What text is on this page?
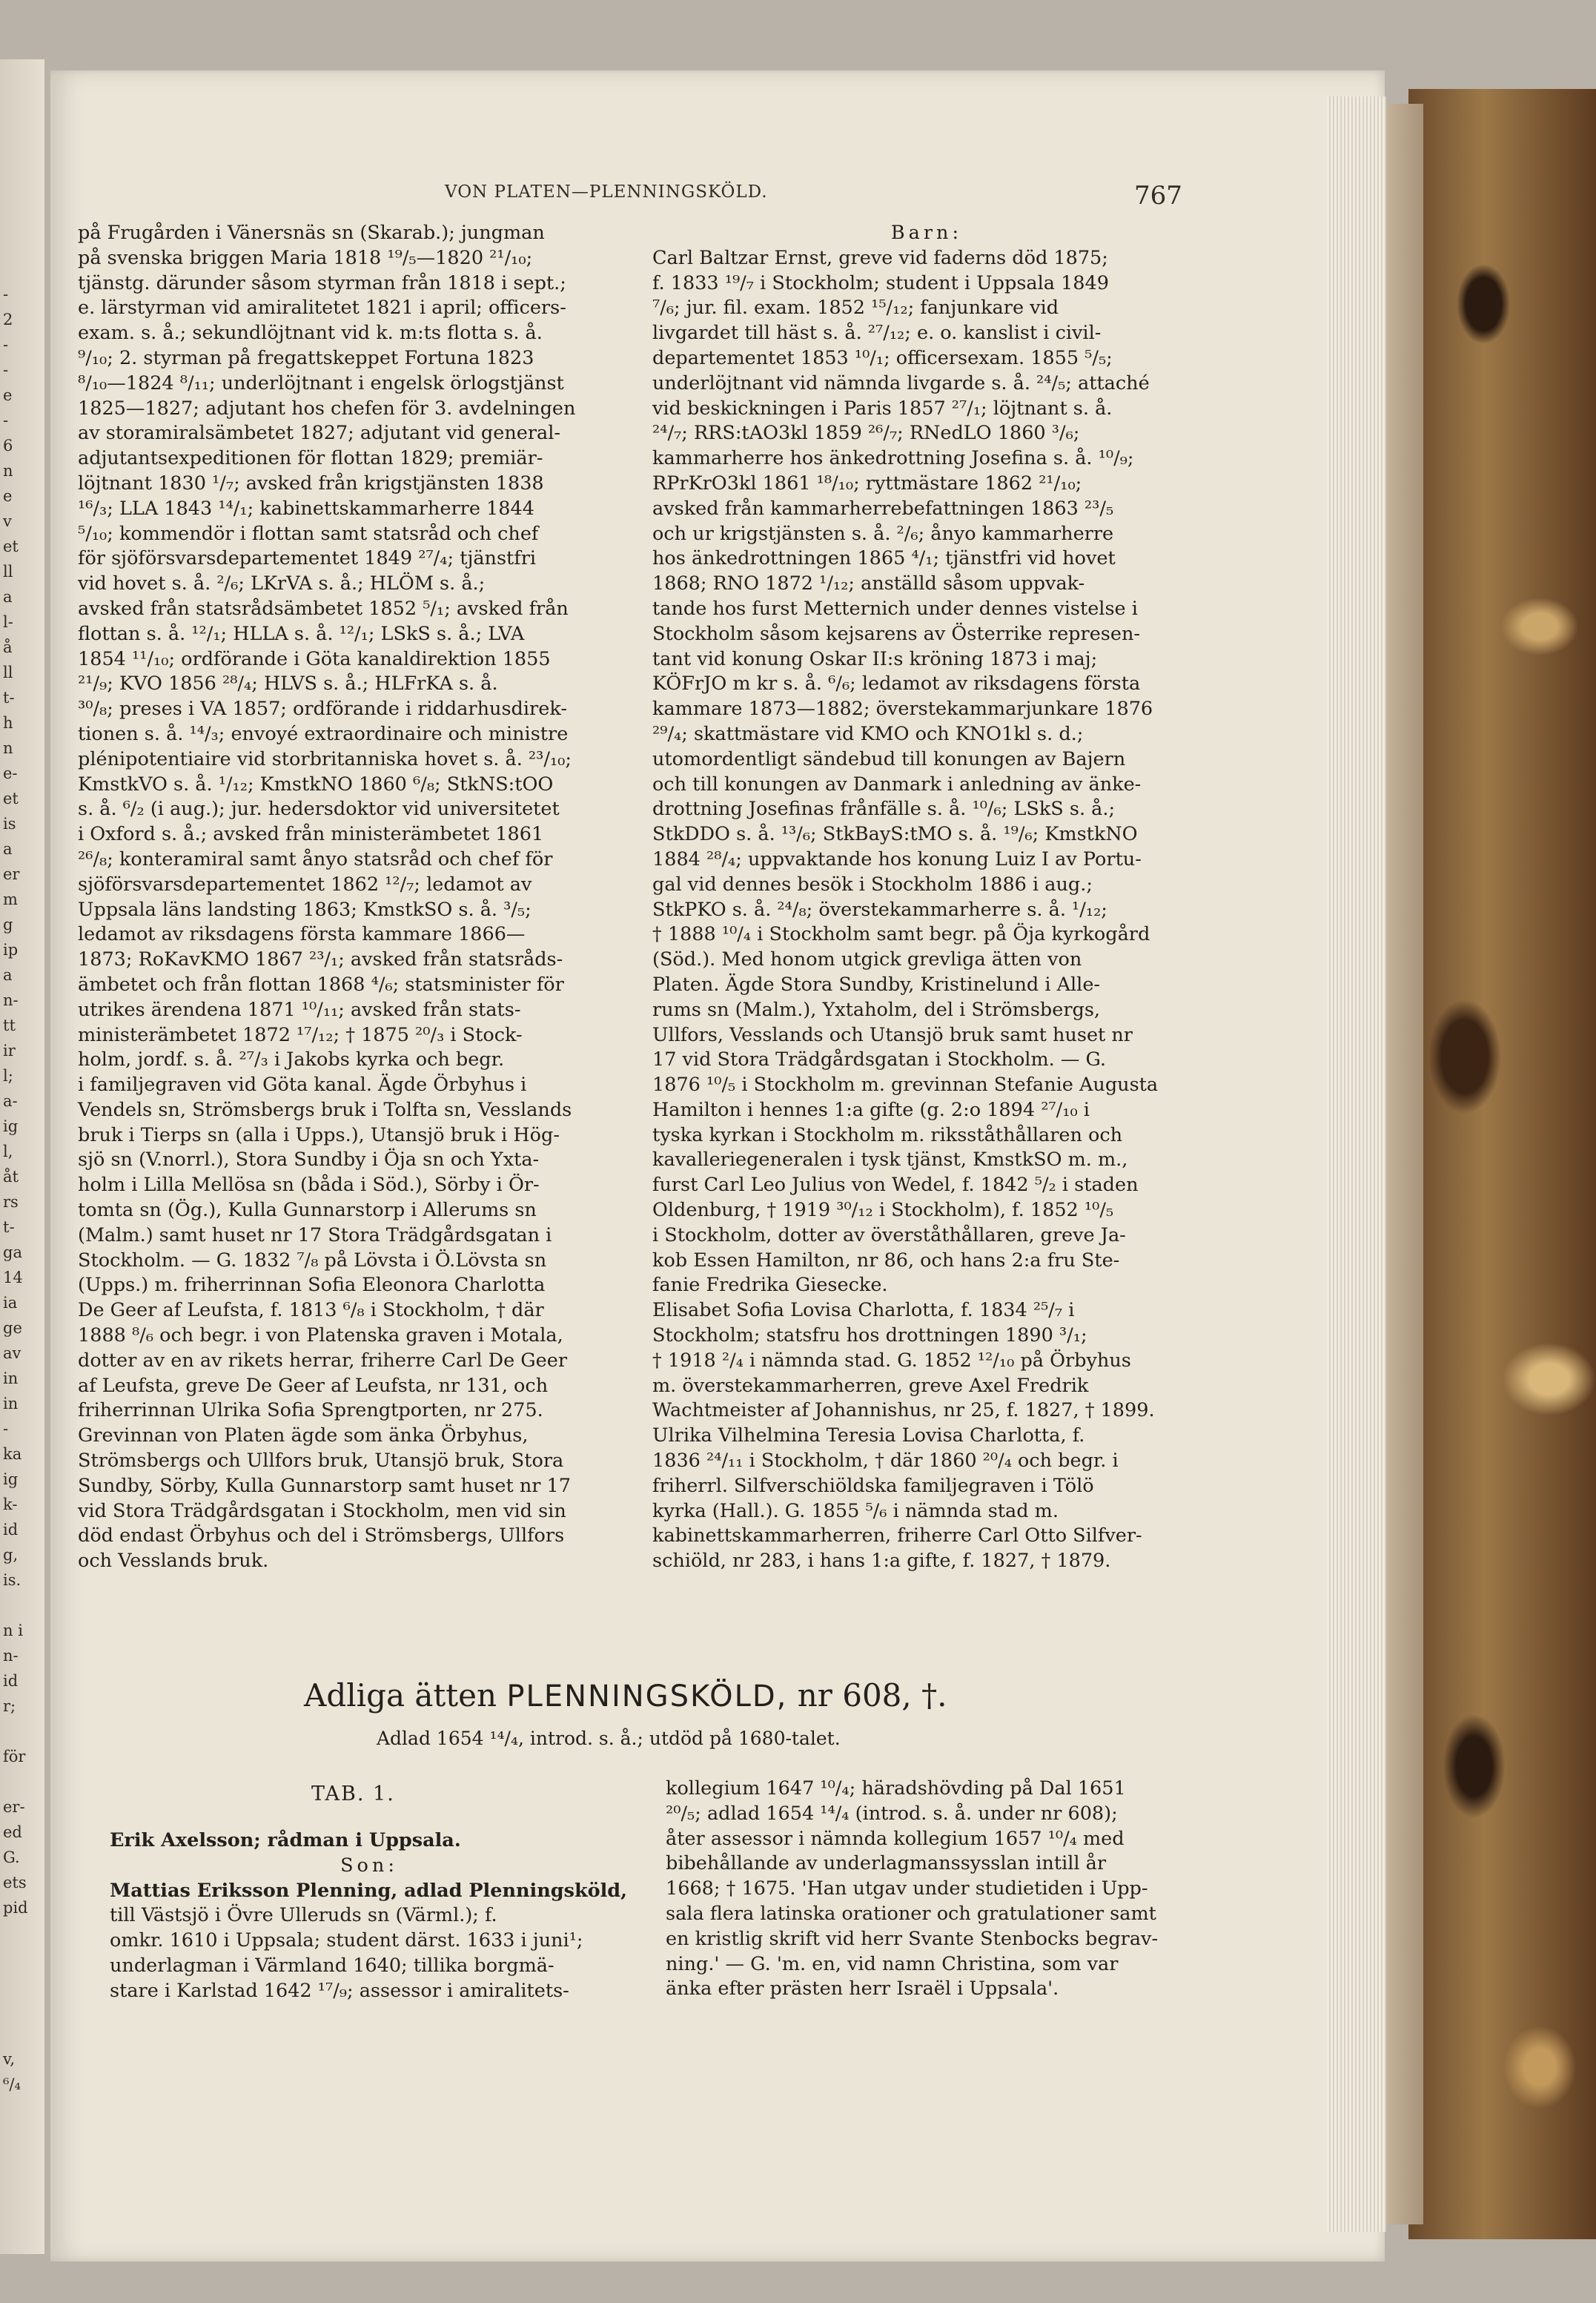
-
2
-
-
e
-
6
n
e
v
et
ll
a
l-
å
ll
t-
h
n
e-
et
is
a
er
m
g
ip
a
n-
tt
ir
l;
a-
ig
l,
åt
rs
t-
ga
14
ia
ge
av
in
in
-
ka
ig
k-
id
g,
is.
n i
n-
id
r;
för
er-
ed
G.
ets
pid
v,
⁶/₄
VON PLATEN—PLENNINGSKÖLD.	767
på Frugården i Vänersnäs sn (Skarab.); jungman
på svenska briggen Maria 1818 ¹⁹/₅—1820 ²¹/₁₀;
tjänstg. därunder såsom styrman från 1818 i sept.;
e. lärstyrman vid amiralitetet 1821 i april; officers-
exam. s. å.; sekundlöjtnant vid k. m:ts flotta s. å.
⁹/₁₀; 2. styrman på fregattskeppet Fortuna 1823
⁸/₁₀—1824 ⁸/₁₁; underlöjtnant i engelsk örlogstjänst
1825—1827; adjutant hos chefen för 3. avdelningen
av storamiralsämbetet 1827; adjutant vid general-
adjutantsexpeditionen för flottan 1829; premiär-
löjtnant 1830 ¹/₇; avsked från krigstjänsten 1838
¹⁶/₃; LLA 1843 ¹⁴/₁; kabinettskammarherre 1844
⁵/₁₀; kommendör i flottan samt statsråd och chef
för sjöförsvarsdepartementet 1849 ²⁷/₄; tjänstfri
vid hovet s. å. ²/₆; LKrVA s. å.; HLÖM s. å.;
avsked från statsrådsämbetet 1852 ⁵/₁; avsked från
flottan s. å. ¹²/₁; HLLA s. å. ¹²/₁; LSkS s. å.; LVA
1854 ¹¹/₁₀; ordförande i Göta kanaldirektion 1855
²¹/₉; KVO 1856 ²⁸/₄; HLVS s. å.; HLFrKA s. å.
³⁰/₈; preses i VA 1857; ordförande i riddarhusdirek-
tionen s. å. ¹⁴/₃; envoyé extraordinaire och ministre
plénipotentiaire vid storbritanniska hovet s. å. ²³/₁₀;
KmstkVO s. å. ¹/₁₂; KmstkNO 1860 ⁶/₈; StkNS:tOO
s. å. ⁶/₂ (i aug.); jur. hedersdoktor vid universitetet
i Oxford s. å.; avsked från ministerämbetet 1861
²⁶/₈; konteramiral samt ånyo statsråd och chef för
sjöförsvarsdepartementet 1862 ¹²/₇; ledamot av
Uppsala läns landsting 1863; KmstkSO s. å. ³/₅;
ledamot av riksdagens första kammare 1866—
1873; RoKavKMO 1867 ²³/₁; avsked från statsråds-
ämbetet och från flottan 1868 ⁴/₆; statsminister för
utrikes ärendena 1871 ¹⁰/₁₁; avsked från stats-
ministerämbetet 1872 ¹⁷/₁₂; † 1875 ²⁰/₃ i Stock-
holm, jordf. s. å. ²⁷/₃ i Jakobs kyrka och begr.
i familjegraven vid Göta kanal. Ägde Örbyhus i
Vendels sn, Strömsbergs bruk i Tolfta sn, Vesslands
bruk i Tierps sn (alla i Upps.), Utansjö bruk i Hög-
sjö sn (V.norrl.), Stora Sundby i Öja sn och Yxta-
holm i Lilla Mellösa sn (båda i Söd.), Sörby i Ör-
tomta sn (Ög.), Kulla Gunnarstorp i Allerums sn
(Malm.) samt huset nr 17 Stora Trädgårdsgatan i
Stockholm. — G. 1832 ⁷/₈ på Lövsta i Ö.Lövsta sn
(Upps.) m. friherrinnan Sofia Eleonora Charlotta
De Geer af Leufsta, f. 1813 ⁶/₈ i Stockholm, † där
1888 ⁸/₆ och begr. i von Platenska graven i Motala,
dotter av en av rikets herrar, friherre Carl De Geer
af Leufsta, greve De Geer af Leufsta, nr 131, och
friherrinnan Ulrika Sofia Sprengtporten, nr 275.
Grevinnan von Platen ägde som änka Örbyhus,
Strömsbergs och Ullfors bruk, Utansjö bruk, Stora
Sundby, Sörby, Kulla Gunnarstorp samt huset nr 17
vid Stora Trädgårdsgatan i Stockholm, men vid sin
död endast Örbyhus och del i Strömsbergs, Ullfors
och Vesslands bruk.
Barn:
Carl Baltzar Ernst, greve vid faderns död 1875;
f. 1833 ¹⁹/₇ i Stockholm; student i Uppsala 1849
⁷/₆; jur. fil. exam. 1852 ¹⁵/₁₂; fanjunkare vid
livgardet till häst s. å. ²⁷/₁₂; e. o. kanslist i civil-
departementet 1853 ¹⁰/₁; officersexam. 1855 ⁵/₅;
underlöjtnant vid nämnda livgarde s. å. ²⁴/₅; attaché
vid beskickningen i Paris 1857 ²⁷/₁; löjtnant s. å.
²⁴/₇; RRS:tAO3kl 1859 ²⁶/₇; RNedLO 1860 ³/₆;
kammarherre hos änkedrottning Josefina s. å. ¹⁰/₉;
RPrKrO3kl 1861 ¹⁸/₁₀; ryttmästare 1862 ²¹/₁₀;
avsked från kammarherrebefattningen 1863 ²³/₅
och ur krigstjänsten s. å. ²/₆; ånyo kammarherre
hos änkedrottningen 1865 ⁴/₁; tjänstfri vid hovet
1868; RNO 1872 ¹/₁₂; anställd såsom uppvak-
tande hos furst Metternich under dennes vistelse i
Stockholm såsom kejsarens av Österrike represen-
tant vid konung Oskar II:s kröning 1873 i maj;
KÖFrJO m kr s. å. ⁶/₆; ledamot av riksdagens första
kammare 1873—1882; överstekammarjunkare 1876
²⁹/₄; skattmästare vid KMO och KNO1kl s. d.;
utomordentligt sändebud till konungen av Bajern
och till konungen av Danmark i anledning av änke-
drottning Josefinas frånfälle s. å. ¹⁰/₆; LSkS s. å.;
StkDDO s. å. ¹³/₆; StkBayS:tMO s. å. ¹⁹/₆; KmstkNO
1884 ²⁸/₄; uppvaktande hos konung Luiz I av Portu-
gal vid dennes besök i Stockholm 1886 i aug.;
StkPKO s. å. ²⁴/₈; överstekammarherre s. å. ¹/₁₂;
† 1888 ¹⁰/₄ i Stockholm samt begr. på Öja kyrkogård
(Söd.). Med honom utgick grevliga ätten von
Platen. Ägde Stora Sundby, Kristinelund i Alle-
rums sn (Malm.), Yxtaholm, del i Strömsbergs,
Ullfors, Vesslands och Utansjö bruk samt huset nr
17 vid Stora Trädgårdsgatan i Stockholm. — G.
1876 ¹⁰/₅ i Stockholm m. grevinnan Stefanie Augusta
Hamilton i hennes 1:a gifte (g. 2:o 1894 ²⁷/₁₀ i
tyska kyrkan i Stockholm m. riksståthållaren och
kavalleriegeneralen i tysk tjänst, KmstkSO m. m.,
furst Carl Leo Julius von Wedel, f. 1842 ⁵/₂ i staden
Oldenburg, † 1919 ³⁰/₁₂ i Stockholm), f. 1852 ¹⁰/₅
i Stockholm, dotter av överståthållaren, greve Ja-
kob Essen Hamilton, nr 86, och hans 2:a fru Ste-
fanie Fredrika Giesecke.
Elisabet Sofia Lovisa Charlotta, f. 1834 ²⁵/₇ i
Stockholm; statsfru hos drottningen 1890 ³/₁;
† 1918 ²/₄ i nämnda stad. G. 1852 ¹²/₁₀ på Örbyhus
m. överstekammarherren, greve Axel Fredrik
Wachtmeister af Johannishus, nr 25, f. 1827, † 1899.
Ulrika Vilhelmina Teresia Lovisa Charlotta, f.
1836 ²⁴/₁₁ i Stockholm, † där 1860 ²⁰/₄ och begr. i
friherrl. Silfverschiöldska familjegraven i Tölö
kyrka (Hall.). G. 1855 ⁵/₆ i nämnda stad m.
kabinettskammarherren, friherre Carl Otto Silfver-
schiöld, nr 283, i hans 1:a gifte, f. 1827, † 1879.
Adliga ätten PLENNINGSKÖLD, nr 608, †.
Adlad 1654 ¹⁴/₄, introd. s. å.; utdöd på 1680-talet.
TAB. 1.
Erik Axelsson; rådman i Uppsala.
Son:
Mattias Eriksson Plenning, adlad Plenningsköld,
till Västsjö i Övre Ulleruds sn (Värml.); f.
omkr. 1610 i Uppsala; student därst. 1633 i juni¹;
underlagman i Värmland 1640; tillika borgmä-
stare i Karlstad 1642 ¹⁷/₉; assessor i amiralitets-
kollegium 1647 ¹⁰/₄; häradshövding på Dal 1651
²⁰/₅; adlad 1654 ¹⁴/₄ (introd. s. å. under nr 608);
åter assessor i nämnda kollegium 1657 ¹⁰/₄ med
bibehållande av underlagmanssysslan intill år
1668; † 1675. 'Han utgav under studietiden i Upp-
sala flera latinska orationer och gratulationer samt
en kristlig skrift vid herr Svante Stenbocks begrav-
ning.' — G. 'm. en, vid namn Christina, som var
änka efter prästen herr Israël i Uppsala'.
